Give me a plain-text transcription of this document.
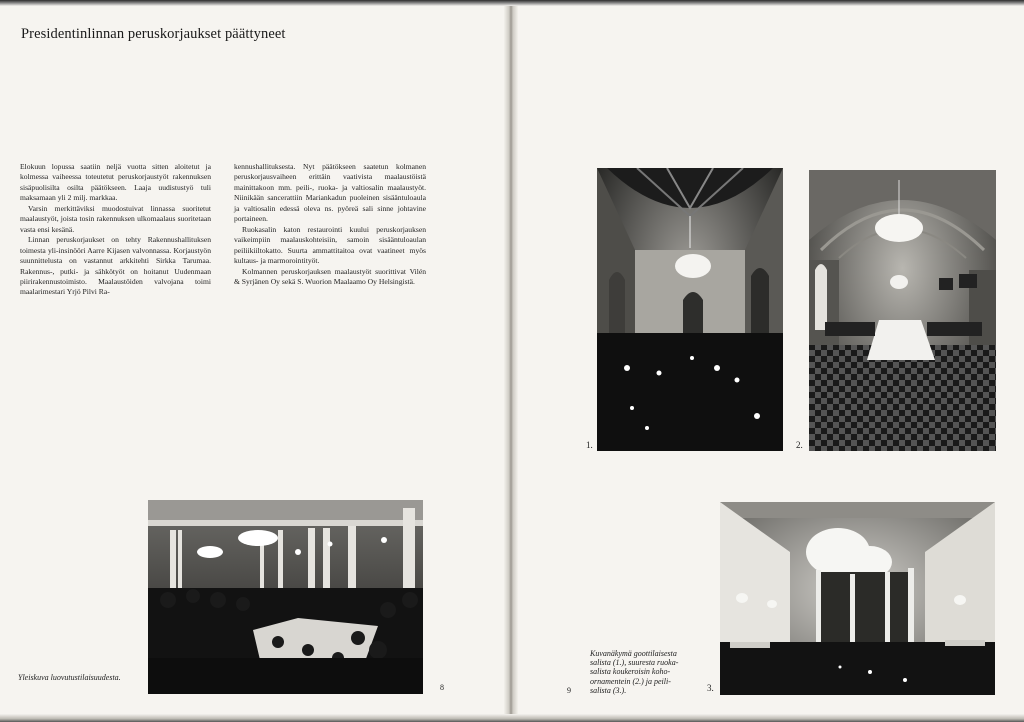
Presidentinlinnan peruskorjaukset päättyneet

Elokuun lopussa saatiin neljä vuotta sitten aloitetut ja kolmessa vaiheessa toteutetut peruskorjaustyöt rakennuksen sisäpuolisilta osilta päätökseen. Laaja uudistustyö tuli maksamaan yli 2 milj. markkaa.

Varsin merkittäviksi muodostuivat linnassa suoritetut maalaustyöt, joista tosin rakennuksen ulkomaalaus suoritetaan vasta ensi kesänä.

Linnan peruskorjaukset on tehty Rakennushallituksen toimesta yli-insinööri Aarre Kijasen valvonnassa. Korjaustyön suunnittelusta on vastannut arkkitehti Sirkka Tarumaa. Rakennus-, putki- ja sähkötyöt on hoitanut Uudenmaan piirirakennustoimisto. Maalaustöiden valvojana toimi maalarimestari Yrjö Pilvi Ra-

kennushallituksesta. Nyt päätökseen saatetun kolmanen peruskorjausvaiheen erittäin vaativista maalaustöistä mainittakoon mm. peili-, ruoka- ja valtiosalin maalaustyöt. Niinikään sancerattiin Mariankadun puoleinen sisääntuloaula ja valtiosalin edessä oleva ns. pyöreä sali sinne johtavine portaineen.

Ruokasalin katon restaurointi kuului peruskorjauksen vaikeimpiin maalauskohteisiin, samoin sisääntuloaulan peiliikiiltokatto. Suurta ammattitaitoa ovat vaatineet myös kultaus- ja marmorointityöt.

Kolmannen peruskorjauksen maalaustyöt suorittivat Vilén & Syrjänen Oy sekä S. Wuorion Maalaamo Oy Helsingistä.

1.	2.
3.
Yleiskuva luovutustilaisuudesta.
8
Kuvanäkymä goottilaisesta
salista (1.), suuresta ruoka-
salista koukeroisin koho-
ornamentein (2.) ja peili-
salista (3.).
9
